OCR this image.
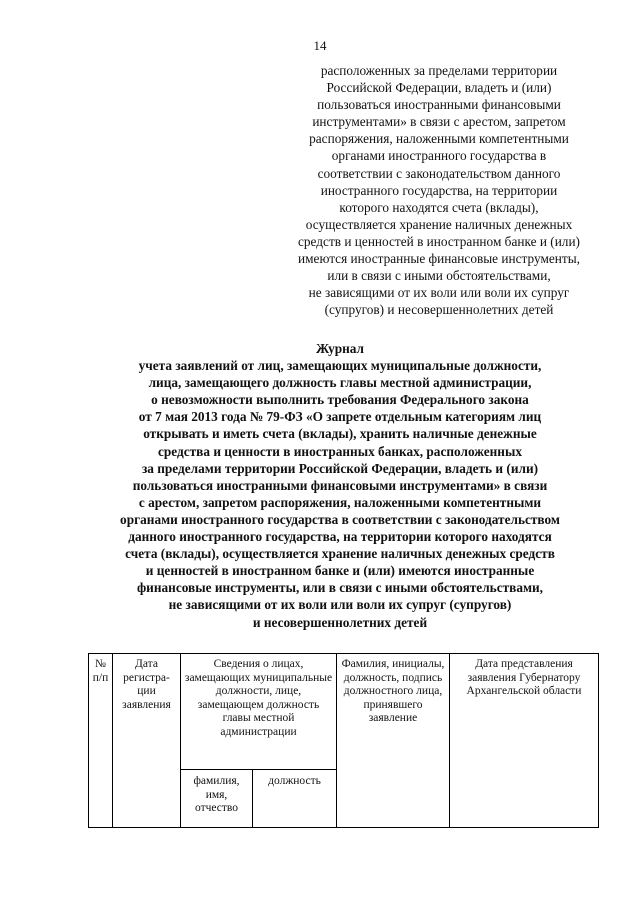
14
расположенных за пределами территории
Российской Федерации, владеть и (или)
пользоваться иностранными финансовыми
инструментами» в связи с арестом, запретом
распоряжения, наложенными компетентными
органами иностранного государства в
соответствии с законодательством данного
иностранного государства, на территории
которого находятся счета (вклады),
осуществляется хранение наличных денежных
средств и ценностей в иностранном банке и (или)
имеются иностранные финансовые инструменты,
или в связи с иными обстоятельствами,
не зависящими от их воли или воли их супруг
(супругов) и несовершеннолетних детей
Журнал
учета заявлений от лиц, замещающих муниципальные должности,
лица, замещающего должность главы местной администрации,
о невозможности выполнить требования Федерального закона
от 7 мая 2013 года № 79-ФЗ «О запрете отдельным категориям лиц
открывать и иметь счета (вклады), хранить наличные денежные
средства и ценности в иностранных банках, расположенных
за пределами территории Российской Федерации, владеть и (или)
пользоваться иностранными финансовыми инструментами» в связи
с арестом, запретом распоряжения, наложенными компетентными
органами иностранного государства в соответствии с законодательством
данного иностранного государства, на территории которого находятся
счета (вклады), осуществляется хранение наличных денежных средств
и ценностей в иностранном банке и (или) имеются иностранные
финансовые инструменты, или в связи с иными обстоятельствами,
не зависящими от их воли или воли их супруг (супругов)
и несовершеннолетних детей
№ п/п	Дата регистра-ции заявления	Сведения о лицах, замещающих муниципальные должности, лице, замещающем должность главы местной администрации		Фамилия, инициалы, должность, подпись должностного лица, принявшего заявление	Дата представления заявления Губернатору Архангельской области
		фамилия, имя, отчество	должность		
